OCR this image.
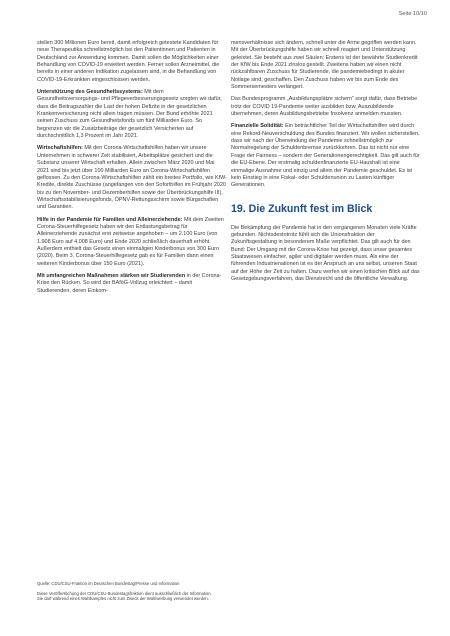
Seite 10/10

stellen 300 Millionen Euro bereit, damit erfolgreich getestete Kandidaten für neue Therapeutika schnellstmöglich bei den Patientinnen und Patienten in Deutschland zur Anwendung kommen. Damit sollen die Möglichkeiten einer Behandlung von COVID-19 erweitert werden. Ferner sollen Arzneimittel, die bereits in einer anderen Indikation zugelassen sind, in die Behandlung von COVID-19-Erkrankten eingeschlossen werden.

Unterstützung des Gesundheitssystems: Mit dem Gesundheitsversorgungs- und Pflegeverbesserungsgesetz sorgten wir dafür, dass die Beitragszahler die Last der hohen Defizite in der gesetzlichen Krankenversicherung nicht allein tragen müssen. Der Bund erhöhte 2021 seinen Zuschuss zum Gesundheitsfonds um fünf Milliarden Euro. So begrenzen wir die Zusatzbeiträge der gesetzlich Versicherten auf durchschnittlich 1,3 Prozent im Jahr 2021.

Wirtschaftshilfen: Mit den Corona-Wirtschaftshilfen haben wir unsere Unternehmen in schwerer Zeit stabilisiert, Arbeitsplätze gesichert und die Substanz unserer Wirtschaft erhalten. Allein zwischen März 2020 und Mai 2021 sind bis jetzt über 100 Milliarden Euro an Corona-Wirtschaftshilfen geflossen. Zu den Corona-Wirtschaftshilfen zählt ein breites Portfolio, wie KfW-Kredite, direkte Zuschüsse (angefangen von den Soforthilfen im Frühjahr 2020 bis zu den November- und Dezemberhilfen sowie der Überbrückungshilfe III), Wirtschaftsstabilisierungsfonds, ÖPNV-Rettungsschirm sowie Bürgschaften und Garantien.

Hilfe in der Pandemie für Familien und Alleinerziehende: Mit dem Zweiten Corona-Steuerhilfegesetz haben wir den Entlastungsbetrag für Alleinerziehende zunächst erst zeitweise angehoben – um 2.100 Euro (von 1.908 Euro auf 4.008 Euro) und Ende 2020 schließlich dauerhaft erhöht. Außerdem enthielt das Gesetz einen einmaligen Kinderbonus von 300 Euro (2020). Beim 3. Corona-Steuerhilfegesetz gab es für Familien dann einen weiteren Kinderbonus über 150 Euro (2021).

Mit umfangreichen Maßnahmen stärken wir Studierenden in der Corona-Krise den Rücken. So wird der BAföG-Vollzug erleichtert – damit Studierenden, deren Einkom-

mensverhältnisse sich ändern, schnell unter die Arme gegriffen werden kann. Mit der Überbrückungshilfe haben wir schnell reagiert und Unterstützung geleistet. Sie besteht aus zwei Säulen: Erstens ist der bewährte Studienkredit der KfW bis Ende 2021 zinslos gestellt. Zweitens haben wir einen nicht rückzahlbaren Zuschuss für Studierende, die pandemiebedingt in akuter Notlage sind, geschaffen. Den Zuschuss haben wir bis zum Ende des Sommersemesters verlängert.

Das Bundesprogramm „Ausbildungsplätze sichern“ sorgt dafür, dass Betriebe trotz der COVID 19-Pandemie weiter ausbilden bzw. Auszubildende übernehmen, deren Ausbildungsbetriebe Insolvenz anmelden mussten.

Finanzielle Solidität: Ein beträchtlicher Teil der Wirtschaftshilfen wird durch eine Rekord-Neuverschuldung des Bundes finanziert. Wir wollen sicherstellen, dass wir nach der Überwindung der Pandemie schnellstmöglich zur Normalregelung der Schuldenbremse zurückkehren. Das ist nicht nur eine Frage der Fairness – sondern der Generationengerechtigkeit. Das gilt auch für die EU-Ebene. Der erstmalig schuldenfinanzierte EU-Haushalt ist eine einmalige Ausnahme und einzig und allein der Pandemie geschuldet. Es ist kein Einstieg in eine Fiskal- oder Schuldenunion zu Lasten künftiger Generationen.

19. Die Zukunft fest im Blick

Die Bekämpfung der Pandemie hat in den vergangenen Monaten viele Kräfte gebunden. Nichtsdestotrotz fühlt sich die Unionsfraktion der Zukunftsgestaltung in besonderem Maße verpflichtet. Das gilt auch für den Bund: Der Umgang mit der Corona-Krise hat gezeigt, dass unser gesamtes Staatswesen einfacher, agiler und digitaler werden muss. Als eine der führenden Industrienationen ist es der Anspruch an uns selbst, unseren Staat auf der Höhe der Zeit zu halten. Dazu werfen wir einen kritischen Blick auf das Gesetzgebungsverfahren, das Dienstrecht und die öffentliche Verwaltung.

Quelle: CDU/CSU-Fraktion im Deutschen Bundestag/Presse und Information
Diese Veröffentlichung der CDU/CSU-Bundestagsfraktion dient ausschließlich der Information.
Sie darf während eines Wahlkampfes nicht zum Zweck der Wahlwerbung verwendet werden.
